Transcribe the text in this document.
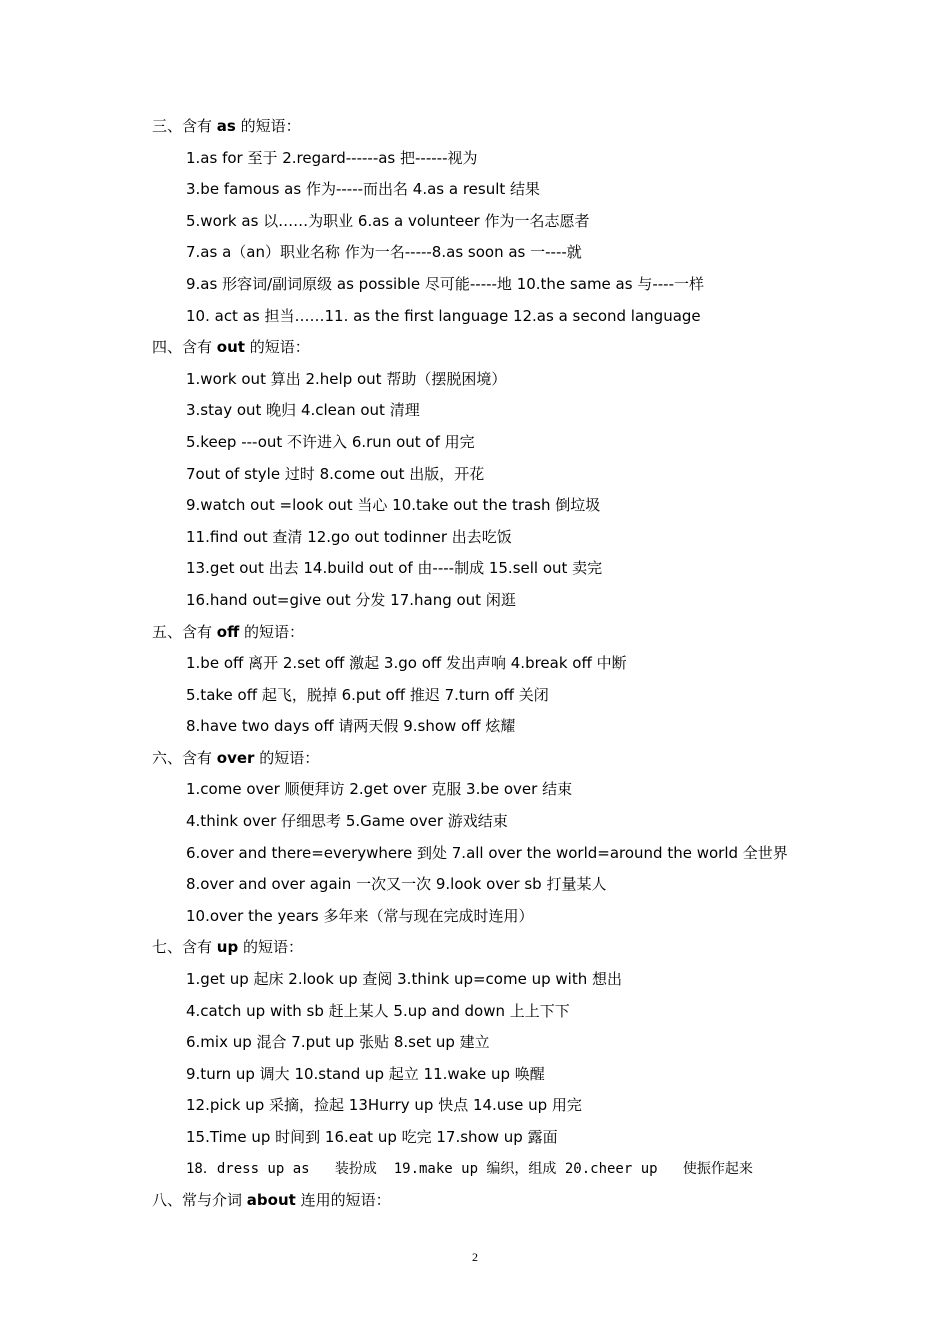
三、含有 as 的短语：
1.as for 至于 2.regard------as 把------视为
3.be famous as 作为-----而出名 4.as a result 结果
5.work as 以……为职业 6.as a volunteer 作为一名志愿者
7.as a（an）职业名称 作为一名-----8.as soon as 一----就
9.as 形容词/副词原级 as possible 尽可能-----地 10.the same as 与----一样
10. act as 担当……11. as the first language 12.as a second language
四、含有 out 的短语：
1.work out 算出 2.help out 帮助（摆脱困境）
3.stay out 晚归 4.clean out 清理
5.keep ---out 不许进入 6.run out of 用完
7out of style 过时 8.come out 出版，开花
9.watch out =look out 当心 10.take out the trash 倒垃圾
11.find out 查清 12.go out todinner 出去吃饭
13.get out 出去 14.build out of 由----制成 15.sell out 卖完
16.hand out=give out 分发 17.hang out 闲逛
五、含有 off 的短语：
1.be off 离开 2.set off 激起 3.go off 发出声响 4.break off 中断
5.take off 起飞，脱掉 6.put off 推迟 7.turn off 关闭
8.have two days off 请两天假 9.show off 炫耀
六、含有 over 的短语：
1.come over 顺便拜访 2.get over 克服 3.be over 结束
4.think over 仔细思考 5.Game over 游戏结束
6.over and there=everywhere 到处 7.all over the world=around the world 全世界
8.over and over again 一次又一次 9.look over sb 打量某人
10.over the years 多年来（常与现在完成时连用）
七、含有 up 的短语：
1.get up 起床 2.look up 查阅 3.think up=come up with 想出
4.catch up with sb 赶上某人 5.up and down 上上下下
6.mix up 混合 7.put up 张贴 8.set up 建立
9.turn up 调大 10.stand up 起立 11.wake up 唤醒
12.pick up 采摘，捡起 13Hurry up 快点 14.use up 用完
15.Time up 时间到 16.eat up 吃完 17.show up 露面
18．dress up as   装扮成  19.make up 编织，组成 20.cheer up   使振作起来
八、常与介词 about 连用的短语：
2
